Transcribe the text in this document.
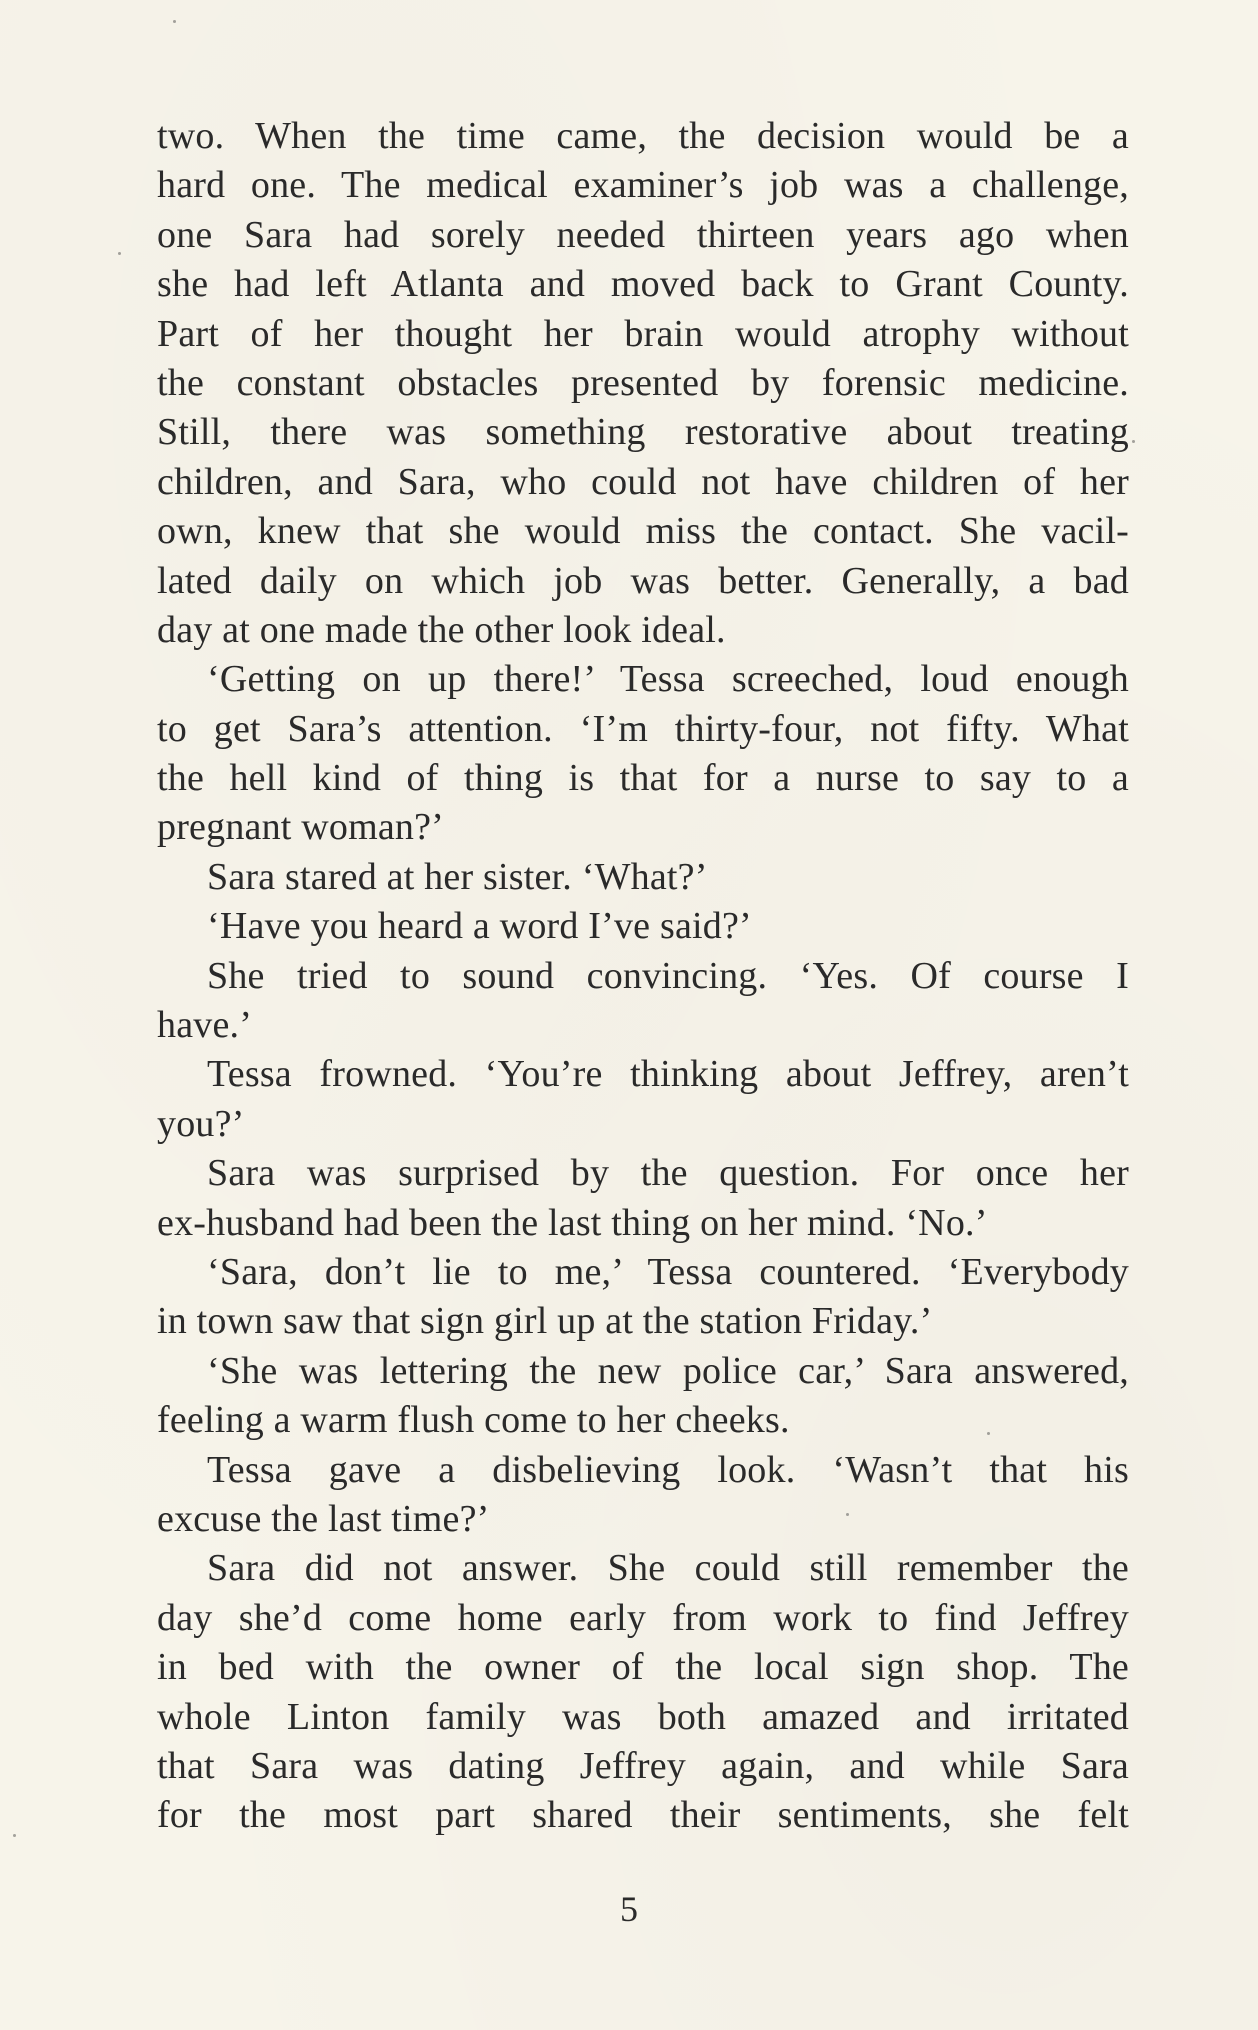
two. When the time came, the decision would be a
hard one. The medical examiner’s job was a challenge,
one Sara had sorely needed thirteen years ago when
she had left Atlanta and moved back to Grant County.
Part of her thought her brain would atrophy without
the constant obstacles presented by forensic medicine.
Still, there was something restorative about treating
children, and Sara, who could not have children of her
own, knew that she would miss the contact. She vacil-
lated daily on which job was better. Generally, a bad
day at one made the other look ideal.
‘Getting on up there!’ Tessa screeched, loud enough
to get Sara’s attention. ‘I’m thirty-four, not fifty. What
the hell kind of thing is that for a nurse to say to a
pregnant woman?’
Sara stared at her sister. ‘What?’
‘Have you heard a word I’ve said?’
She tried to sound convincing. ‘Yes. Of course I
have.’
Tessa frowned. ‘You’re thinking about Jeffrey, aren’t
you?’
Sara was surprised by the question. For once her
ex-husband had been the last thing on her mind. ‘No.’
‘Sara, don’t lie to me,’ Tessa countered. ‘Everybody
in town saw that sign girl up at the station Friday.’
‘She was lettering the new police car,’ Sara answered,
feeling a warm flush come to her cheeks.
Tessa gave a disbelieving look. ‘Wasn’t that his
excuse the last time?’
Sara did not answer. She could still remember the
day she’d come home early from work to find Jeffrey
in bed with the owner of the local sign shop. The
whole Linton family was both amazed and irritated
that Sara was dating Jeffrey again, and while Sara
for the most part shared their sentiments, she felt
5
